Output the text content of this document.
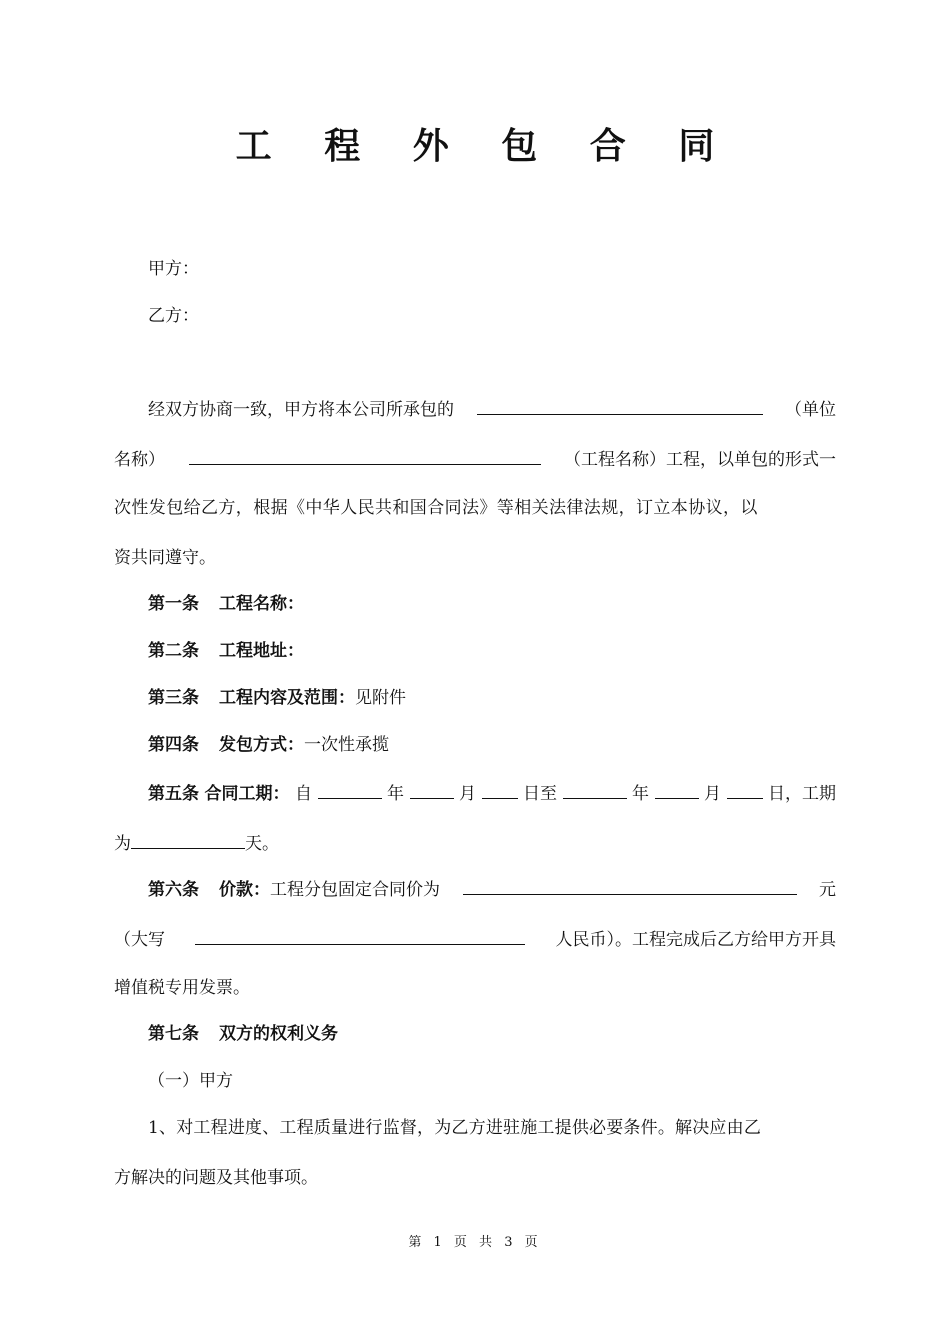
工 程 外 包 合 同
甲方：
乙方：
经双方协商一致，甲方将本公司所承包的	（单位
名称）	（工程名称）工程，以单包的形式一
次性发包给乙方，根据《中华人民共和国合同法》等相关法律法规，订立本协议，以
资共同遵守。
第一条 工程名称：
第二条 工程地址：
第三条 工程内容及范围：见附件
第四条 发包方式：一次性承揽
第五条 合同工期： 自	年	月	日至	年	月	日，工期
为	天。
第六条 价款：工程分包固定合同价为	元
（大写	人民币）。工程完成后乙方给甲方开具
增值税专用发票。
第七条 双方的权利义务
（一）甲方
1、对工程进度、工程质量进行监督，为乙方进驻施工提供必要条件。解决应由乙
方解决的问题及其他事项。
第 1 页 共 3 页
